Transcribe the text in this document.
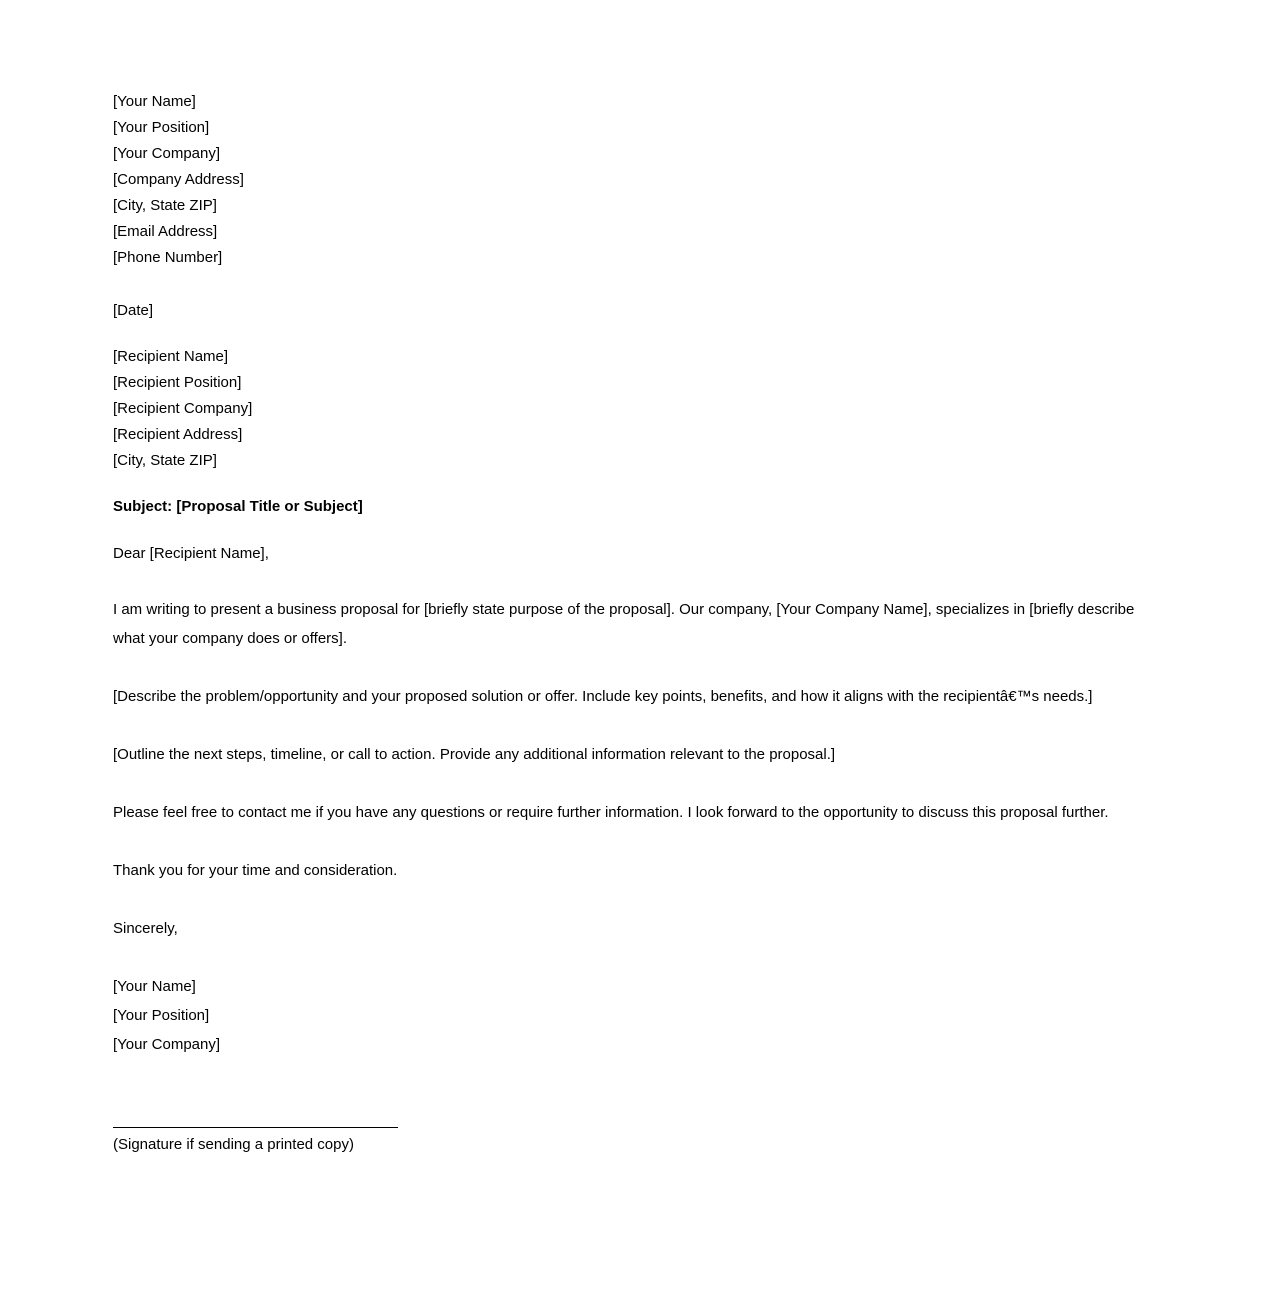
[Your Name]
[Your Position]
[Your Company]
[Company Address]
[City, State ZIP]
[Email Address]
[Phone Number]
[Date]
[Recipient Name]
[Recipient Position]
[Recipient Company]
[Recipient Address]
[City, State ZIP]
Subject: [Proposal Title or Subject]
Dear [Recipient Name],

I am writing to present a business proposal for [briefly state purpose of the proposal]. Our company, [Your Company Name], specializes in [briefly describe what your company does or offers].

[Describe the problem/opportunity and your proposed solution or offer. Include key points, benefits, and how it aligns with the recipientâ€™s needs.]

[Outline the next steps, timeline, or call to action. Provide any additional information relevant to the proposal.]

Please feel free to contact me if you have any questions or require further information. I look forward to the opportunity to discuss this proposal further.

Thank you for your time and consideration.

Sincerely,
[Your Name]
[Your Position]
[Your Company]
(Signature if sending a printed copy)
